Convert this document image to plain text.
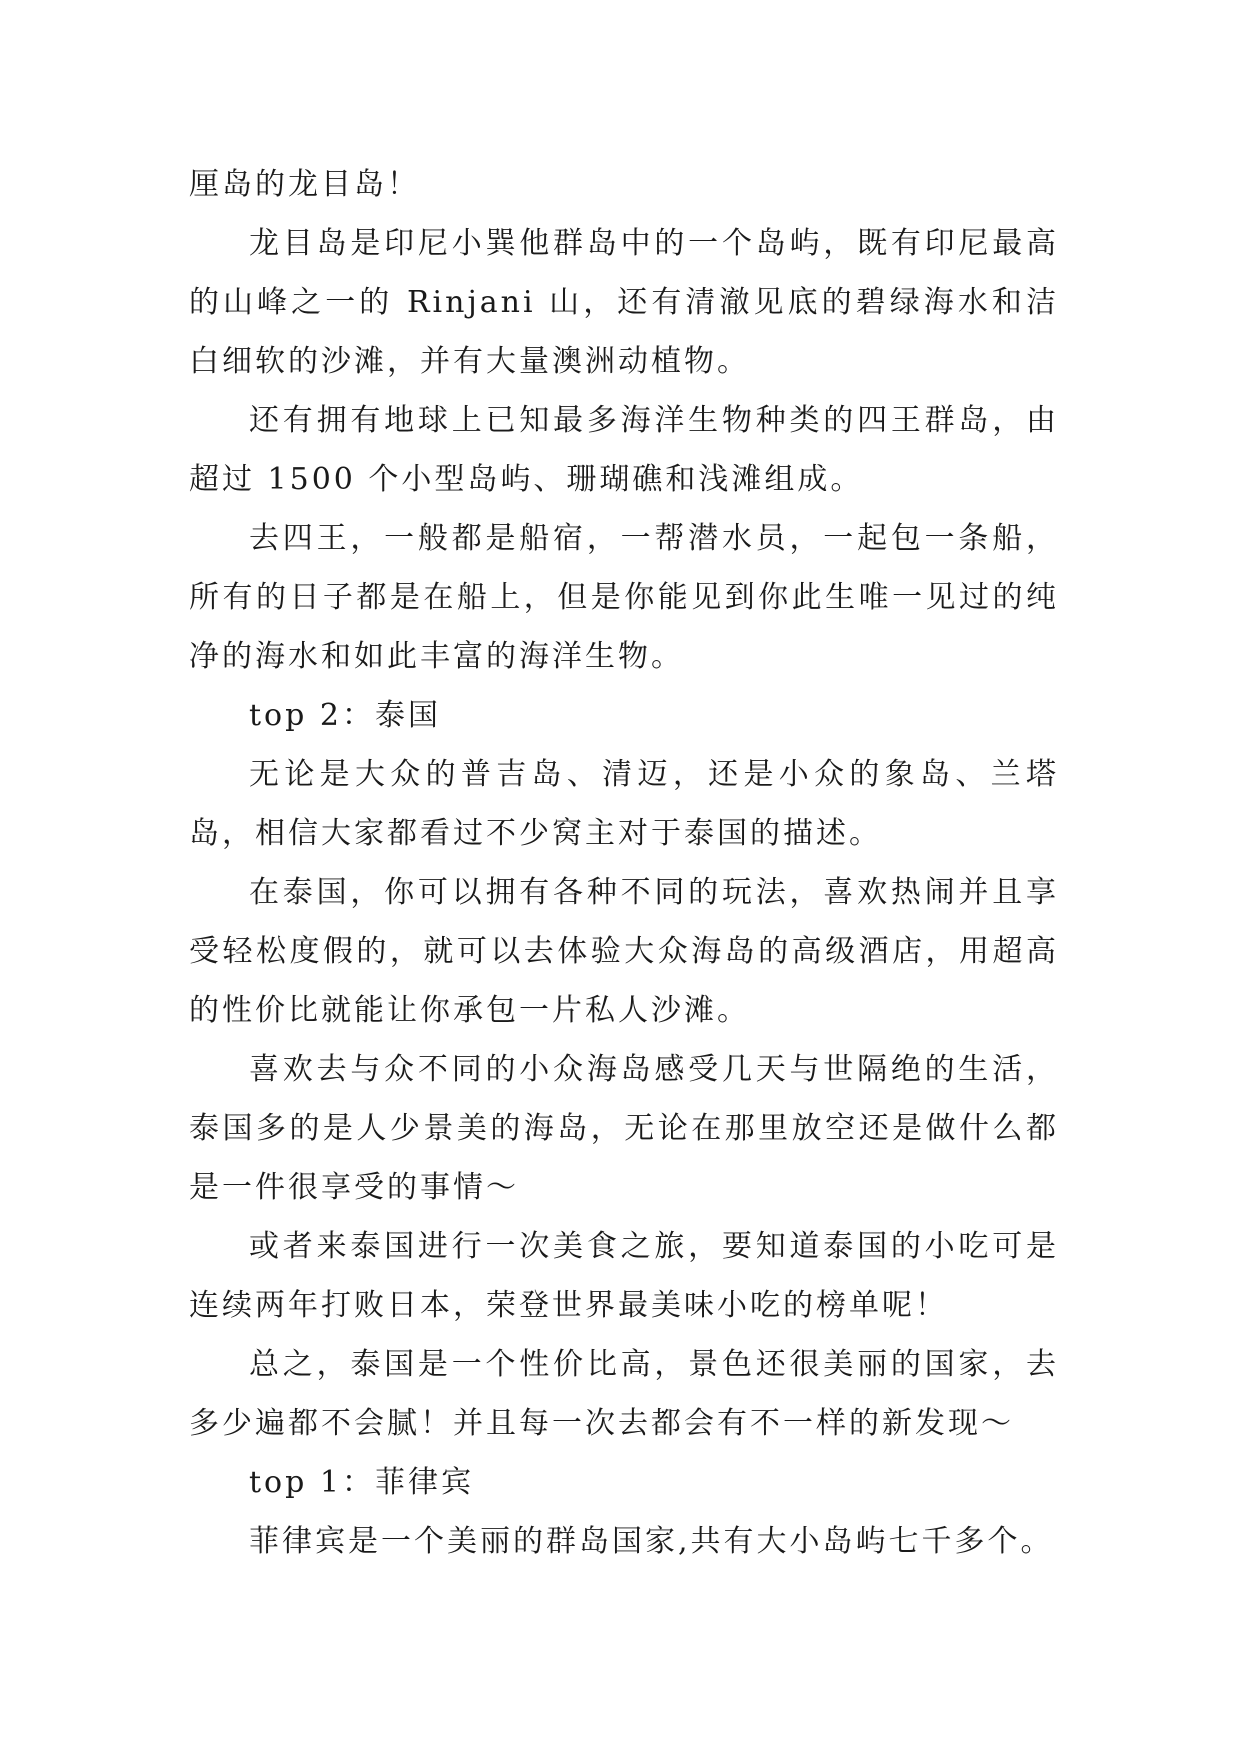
厘岛的龙目岛！

龙目岛是印尼小巽他群岛中的一个岛屿，既有印尼最高的山峰之一的 Rinjani 山，还有清澈见底的碧绿海水和洁白细软的沙滩，并有大量澳洲动植物。

还有拥有地球上已知最多海洋生物种类的四王群岛，由超过 1500 个小型岛屿、珊瑚礁和浅滩组成。

去四王，一般都是船宿，一帮潜水员，一起包一条船，所有的日子都是在船上，但是你能见到你此生唯一见过的纯净的海水和如此丰富的海洋生物。

top 2：泰国

无论是大众的普吉岛、清迈，还是小众的象岛、兰塔岛，相信大家都看过不少窝主对于泰国的描述。

在泰国，你可以拥有各种不同的玩法，喜欢热闹并且享受轻松度假的，就可以去体验大众海岛的高级酒店，用超高的性价比就能让你承包一片私人沙滩。

喜欢去与众不同的小众海岛感受几天与世隔绝的生活，泰国多的是人少景美的海岛，无论在那里放空还是做什么都是一件很享受的事情～

或者来泰国进行一次美食之旅，要知道泰国的小吃可是连续两年打败日本，荣登世界最美味小吃的榜单呢！

总之，泰国是一个性价比高，景色还很美丽的国家，去多少遍都不会腻！并且每一次去都会有不一样的新发现～

top 1：菲律宾

菲律宾是一个美丽的群岛国家,共有大小岛屿七千多个。
